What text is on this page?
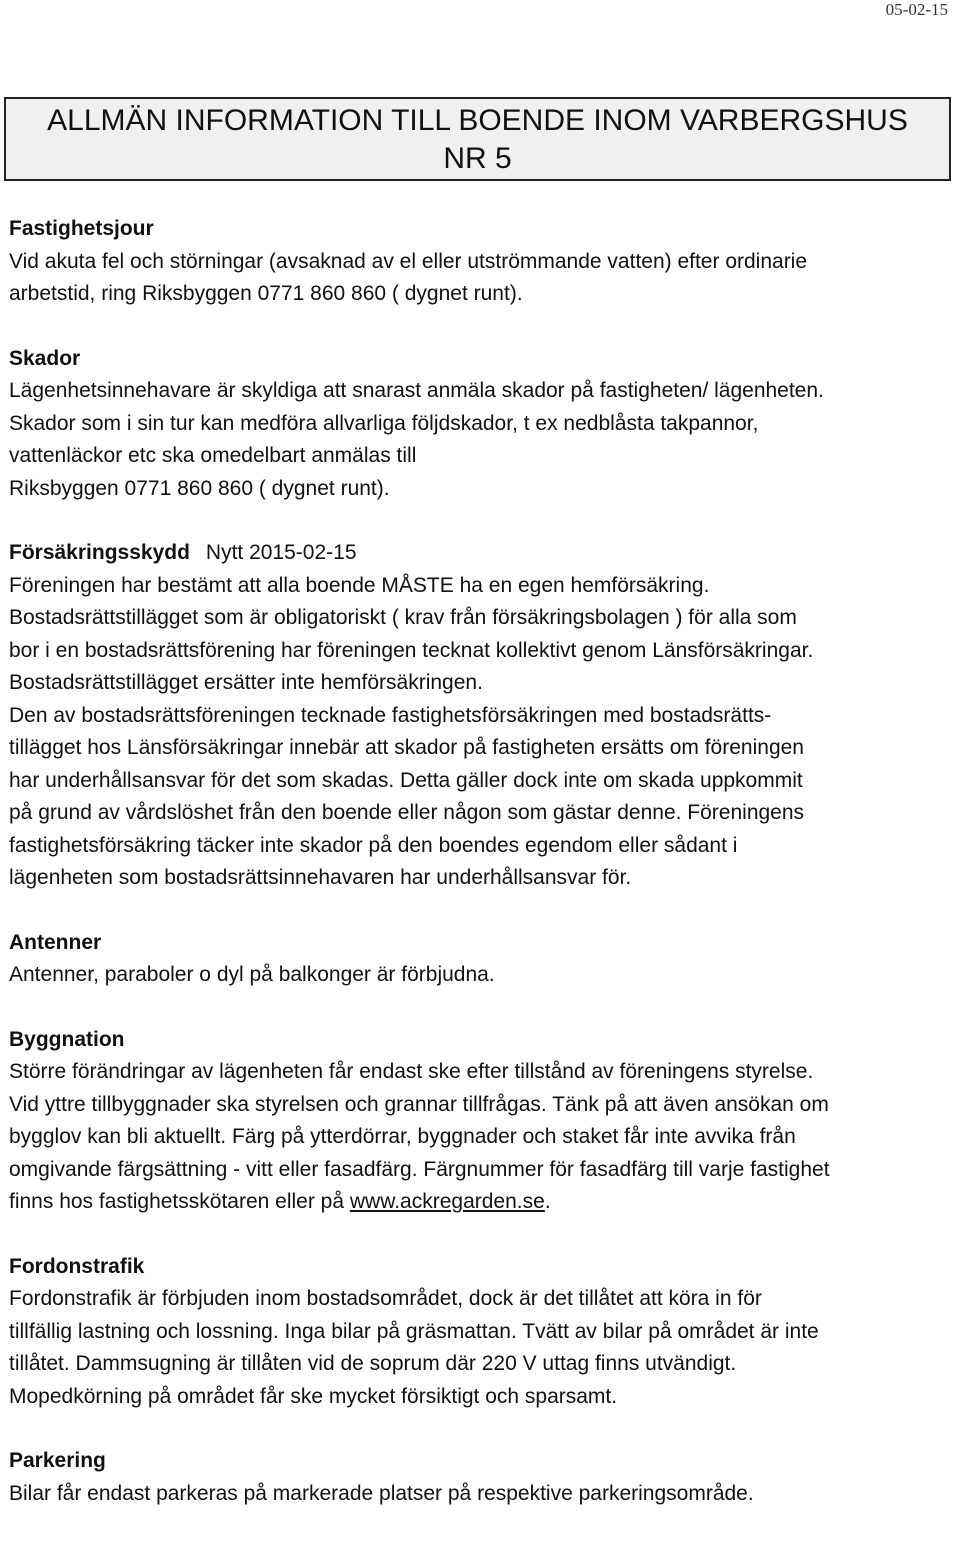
05-02-15
ALLMÄN INFORMATION TILL BOENDE INOM VARBERGSHUS
NR 5

Fastighetsjour

Vid akuta fel och störningar (avsaknad av el eller utströmmande vatten) efter ordinarie

arbetstid, ring Riksbyggen 0771 860 860 ( dygnet runt).

Skador

Lägenhetsinnehavare är skyldiga att snarast anmäla skador på fastigheten/ lägenheten.

Skador som i sin tur kan medföra allvarliga följdskador, t ex nedblåsta takpannor,

vattenläckor etc ska omedelbart anmälas till

Riksbyggen 0771 860 860 ( dygnet runt).

Försäkringsskydd Nytt 2015-02-15

Föreningen har bestämt att alla boende MÅSTE ha en egen hemförsäkring.

Bostadsrättstillägget som är obligatoriskt ( krav från försäkringsbolagen ) för alla som

bor i en bostadsrättsförening har föreningen tecknat kollektivt genom Länsförsäkringar.

Bostadsrättstillägget ersätter inte hemförsäkringen.

Den av bostadsrättsföreningen tecknade fastighetsförsäkringen med bostadsrätts-

tillägget hos Länsförsäkringar innebär att skador på fastigheten ersätts om föreningen

har underhållsansvar för det som skadas. Detta gäller dock inte om skada uppkommit

på grund av vårdslöshet från den boende eller någon som gästar denne. Föreningens

fastighetsförsäkring täcker inte skador på den boendes egendom eller sådant i

lägenheten som bostadsrättsinnehavaren har underhållsansvar för.

Antenner

Antenner, paraboler o dyl på balkonger är förbjudna.

Byggnation

Större förändringar av lägenheten får endast ske efter tillstånd av föreningens styrelse.

Vid yttre tillbyggnader ska styrelsen och grannar tillfrågas. Tänk på att även ansökan om

bygglov kan bli aktuellt. Färg på ytterdörrar, byggnader och staket får inte avvika från

omgivande färgsättning - vitt eller fasadfärg. Färgnummer för fasadfärg till varje fastighet

finns hos fastighetsskötaren eller på www.ackregarden.se.

Fordonstrafik

Fordonstrafik är förbjuden inom bostadsområdet, dock är det tillåtet att köra in för

tillfällig lastning och lossning. Inga bilar på gräsmattan. Tvätt av bilar på området är inte

tillåtet. Dammsugning är tillåten vid de soprum där 220 V uttag finns utvändigt.

Mopedkörning på området får ske mycket försiktigt och sparsamt.

Parkering

Bilar får endast parkeras på markerade platser på respektive parkeringsområde.
